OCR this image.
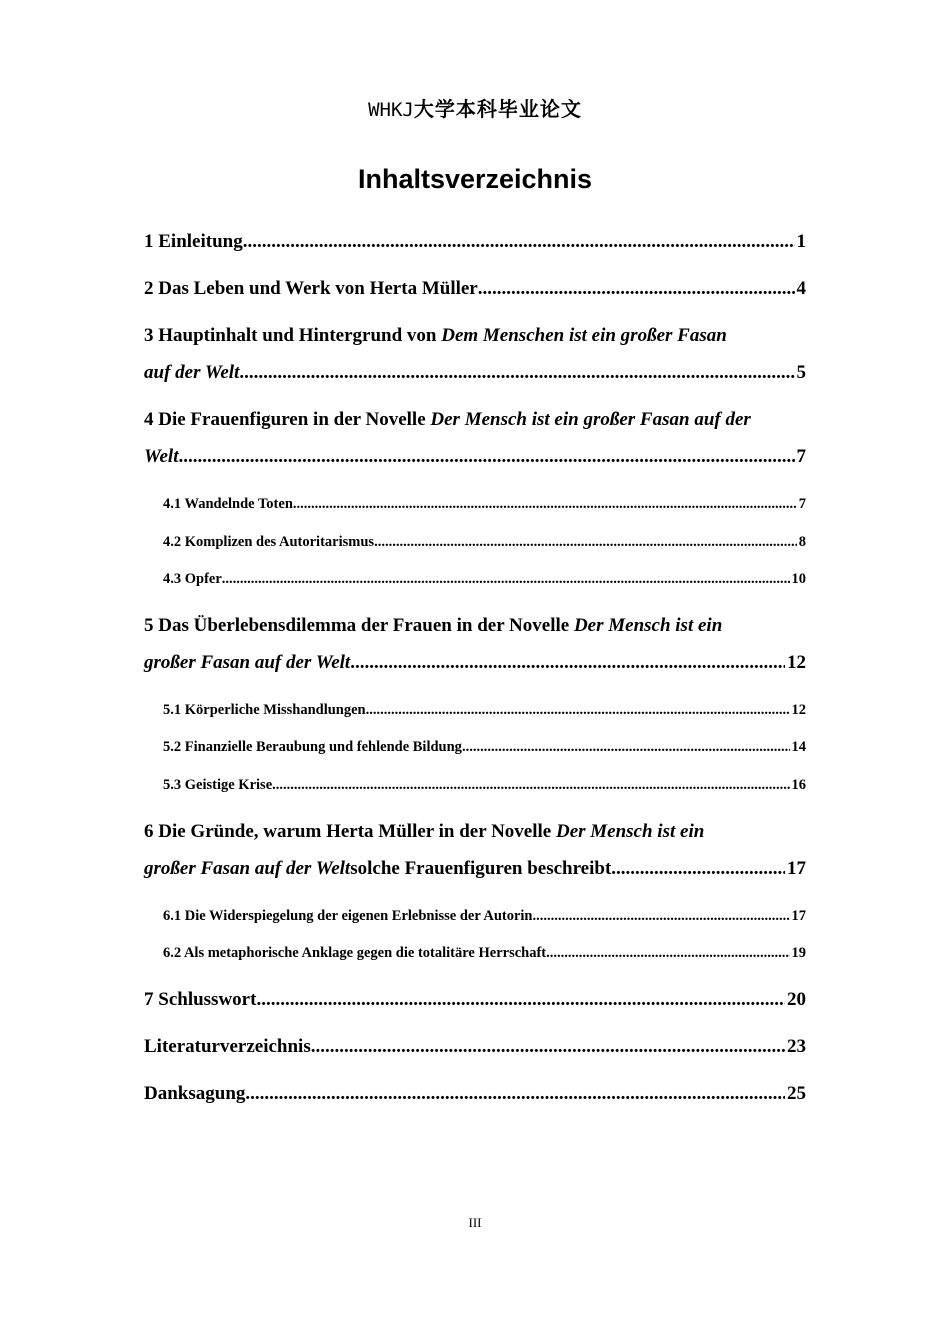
WHKJ大学本科毕业论文
Inhaltsverzeichnis
1 Einleitung .....	1
2 Das Leben und Werk von Herta Müller .....	4
3 Hauptinhalt und Hintergrund von Dem Menschen ist ein großer Fasan
auf der Welt .....	5
4 Die Frauenfiguren in der Novelle Der Mensch ist ein großer Fasan auf der
Welt .....	7
4.1 Wandelnde Toten .....	7
4.2 Komplizen des Autoritarismus .....	8
4.3 Opfer .....	10
5 Das Überlebensdilemma der Frauen in der Novelle Der Mensch ist ein
großer Fasan auf der Welt .....	12
5.1 Körperliche Misshandlungen .....	12
5.2 Finanzielle Beraubung und fehlende Bildung .....	14
5.3 Geistige Krise .....	16
6 Die Gründe, warum Herta Müller in der Novelle Der Mensch ist ein
großer Fasan auf der Welt solche Frauenfiguren beschreibt .....	17
6.1 Die Widerspiegelung der eigenen Erlebnisse der Autorin .....	17
6.2 Als metaphorische Anklage gegen die totalitäre Herrschaft .....	19
7 Schlusswort .....	20
Literaturverzeichnis .....	23
Danksagung .....	25
III
